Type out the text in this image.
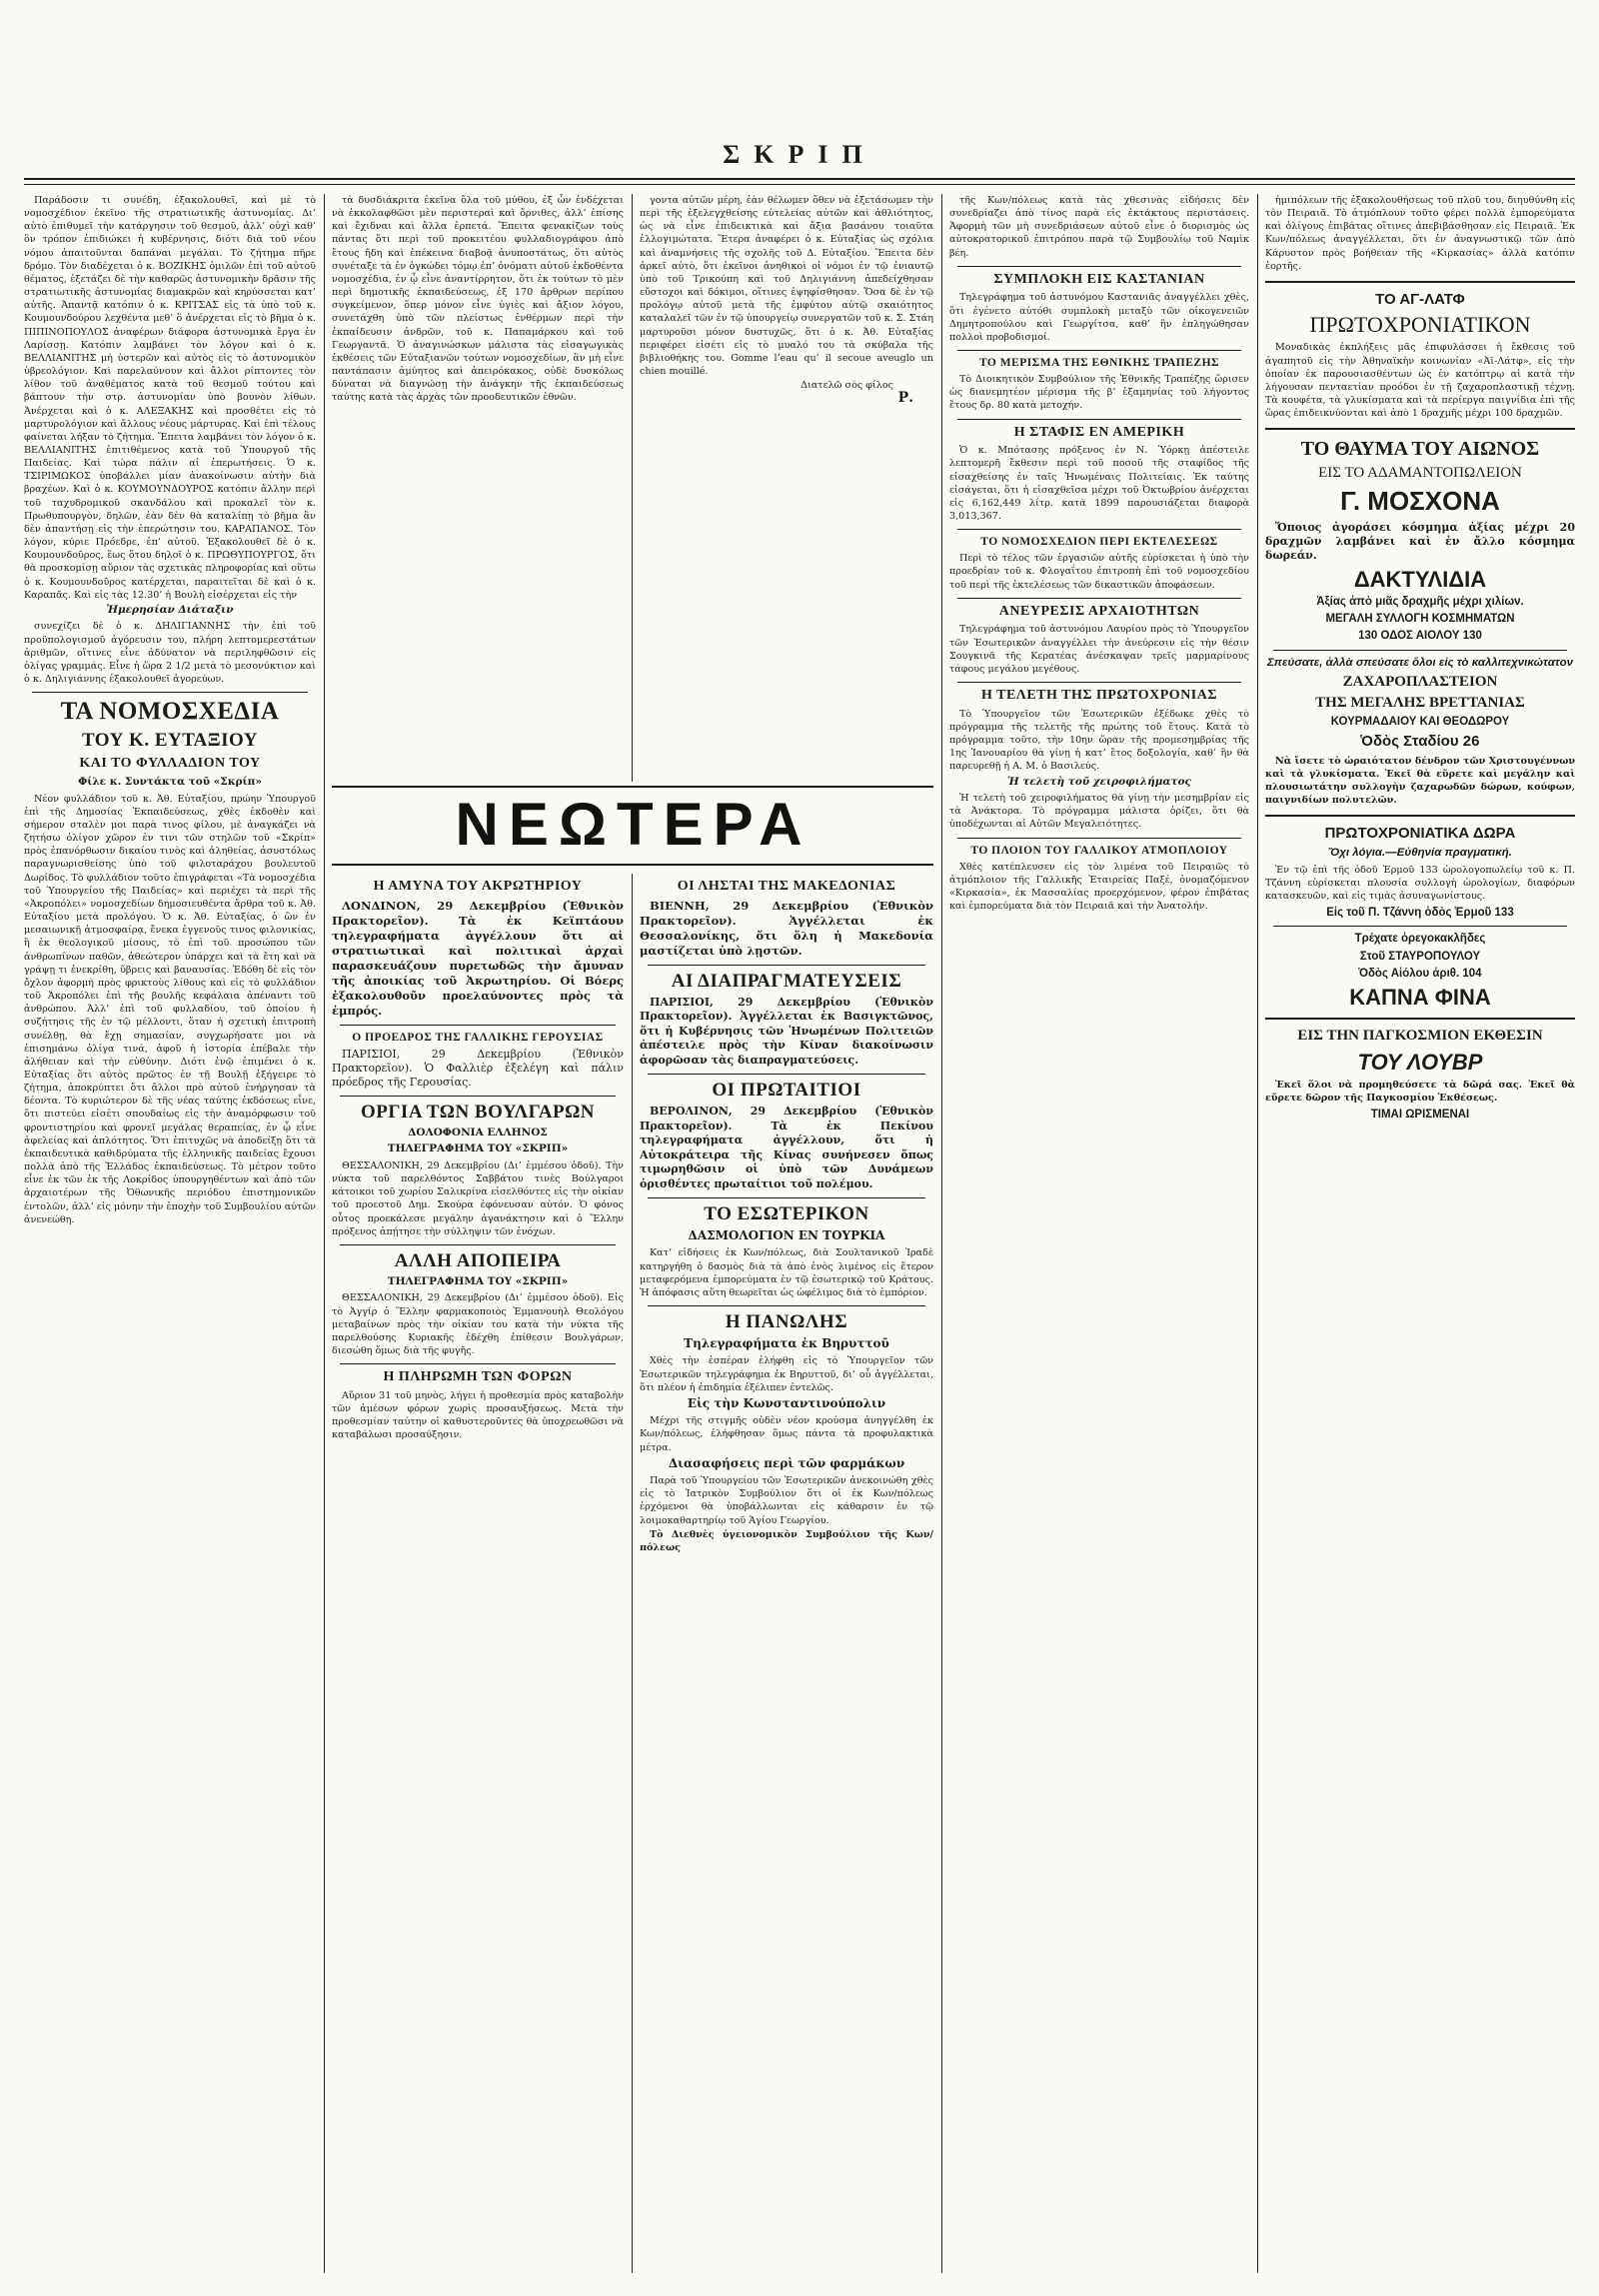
ΣΚΡΙΠ

Παράδοσιν τι συνέδη, ἐξακολουθεῖ, καὶ μὲ τὸ νομοσχέδιον ἐκεῖνο τῆς στρατιωτικῆς ἀστυνομίας. Δι’ αὐτὸ ἐπιθυμεῖ τὴν κατάργησιν τοῦ θεσμοῦ, ἀλλ’ οὐχὶ καθ’ ὃν τρόπον ἐπιδιώκει ἡ κυβέρνησις, διότι διὰ τοῦ νέου νόμου ἀπαιτοῦνται δαπάναι μεγάλαι. Τὸ ζήτημα πῆρε δρόμο. Τὸν διαδέχεται ὁ κ. ΒΟΖΙΚΗΣ ὁμιλῶν ἐπὶ τοῦ αὐτοῦ θέματος, ἐξετάζει δὲ τὴν καθαρῶς ἀστυνομικὴν δρᾶσιν τῆς στρατιωτικῆς ἀστυνομίας διαμακρῶν καὶ κηρύσσεται κατ’ αὐτῆς. Ἀπαντᾷ κατόπιν ὁ κ. ΚΡΙΤΣΑΣ εἰς τὰ ὑπὸ τοῦ κ. Κουμουνδούρου λεχθέντα μεθ’ ὃ ἀνέρχεται εἰς τὸ βῆμα ὁ κ. ΠΙΠΙΝΟΠΟΥΛΟΣ ἀναφέρων διάφορα ἀστυνομικὰ ἔργα ἐν Λαρίσσῃ. Κατόπιν λαμβάνει τὸν λόγον καὶ ὁ κ. ΒΕΛΛΙΑΝΙΤΗΣ μὴ ὑστερῶν καὶ αὐτὸς εἰς τὸ ἀστυνομικὸν ὑβρεολόγιον. Καὶ παρελαύνουν καὶ ἄλλοι ρίπτοντες τὸν λίθον τοῦ ἀναθέματος κατὰ τοῦ θεσμοῦ τούτου καὶ βάπτουν τὴν στρ. ἀστυνομίαν ὑπὸ βουνὸν λίθων. Ἀνέρχεται καὶ ὁ κ. ΑΛΕΞΑΚΗΣ καὶ προσθέτει εἰς τὸ μαρτυρολόγιον καὶ ἄλλους νέους μάρτυρας. Καὶ ἐπὶ τέλους φαίνεται λήξαν τὸ ζήτημα. Ἔπειτα λαμβάνει τὸν λόγον ὁ κ. ΒΕΛΛΙΑΝΙΤΗΣ ἐπιτιθέμενος κατὰ τοῦ Ὑπουργοῦ τῆς Παιδείας. Καὶ τώρα πάλιν αἱ ἐπερωτήσεις. Ὁ κ. ΤΣΙΡΙΜΩΚΟΣ ὑποβάλλει μίαν ἀνακοίνωσιν αὐτὴν διὰ βραχέων. Καὶ ὁ κ. ΚΟΥΜΟΥΝΔΟΥΡΟΣ κατόπιν ἄλλην περὶ τοῦ ταχυδρομικοῦ σκανδάλου καὶ προκαλεῖ τὸν κ. Πρωθυπουργὸν, δηλῶν, ἐὰν δὲν θὰ καταλίπῃ τὸ βῆμα ἂν δὲν ἀπαντήσῃ εἰς τὴν ἐπερώτησιν του. ΚΑΡΑΠΑΝΟΣ. Τὸν λόγον, κύριε Πρόεδρε, ἐπ’ αὐτοῦ. Ἐξακολουθεῖ δὲ ὁ κ. Κουμουνδοῦρος, ἕως ὅτου δηλοῖ ὁ κ. ΠΡΩΘΥΠΟΥΡΓΟΣ, ὅτι θὰ προσκομίσῃ αὔριον τὰς σχετικὰς πληροφορίας καὶ οὕτω ὁ κ. Κουμουνδοῦρος κατέρχεται, παραιτεῖται δὲ καὶ ὁ κ. Καραπᾶς. Καὶ εἰς τὰς 12.30’ ἡ Βουλὴ εἰσέρχεται εἰς τὴν

Ἡμερησίαν Διάταξιν

συνεχίζει δὲ ὁ κ. ΔΗΛΙΓΙΑΝΝΗΣ τὴν ἐπὶ τοῦ προϋπολογισμοῦ ἀγόρευσιν του, πλήρη λεπτομερεστάτων ἀριθμῶν, οἵτινες εἶνε ἀδύνατον νὰ περιληφθῶσιν εἰς ὀλίγας γραμμάς. Εἶνε ἡ ὥρα 2 1/2 μετὰ τὸ μεσονύκτιον καὶ ὁ κ. Δηλιγιάννης ἐξακολουθεῖ ἀγορεύων.

ΤΑ ΝΟΜΟΣΧΕΔΙΑ
ΤΟΥ Κ. ΕΥΤΑΞΙΟΥ
ΚΑΙ ΤΟ ΦΥΛΛΑΔΙΟΝ ΤΟΥ
Φίλε κ. Συντάκτα τοῦ «Σκρίπ»

Νέον φυλλάδιον τοῦ κ. Ἀθ. Εὐταξίου, πρώην Ὑπουργοῦ ἐπὶ τῆς Δημοσίας Ἐκπαιδεύσεως, χθὲς ἐκδοθὲν καὶ σήμερον σταλὲν μοι παρὰ τινος φίλου, μὲ ἀναγκάζει νὰ ζητήσω ὀλίγον χῶρον ἐν τινι τῶν στηλῶν τοῦ «Σκρίπ» πρὸς ἐπανόρθωσιν δικαίου τινὸς καὶ ἀληθείας, ἀσυστόλως παραγνωρισθείσης ὑπὸ τοῦ φιλοταράχου βουλευτοῦ Δωρίδος. Τὸ φυλλάδιον τοῦτο ἐπιγράφεται «Τὰ νομοσχέδια τοῦ Ὑπουργείου τῆς Παιδείας» καὶ περιέχει τὰ περὶ τῆς «Ἀκροπόλει» νομοσχεδίων δημοσιευθέντα ἄρθρα τοῦ κ. Ἀθ. Εὐταξίου μετὰ προλόγου. Ὁ κ. Ἀθ. Εὐταξίας, ὁ ὢν ἐν μεσαιωνικῇ ἀτμοσφαίρᾳ, ἕνεκα ἐγγενοῦς τινος φιλονικίας, ἢ ἐκ θεολογικοῦ μίσους, τὸ ἐπὶ τοῦ προσώπου τῶν ἀνθρωπίνων παθῶν, ἀθεώτερον ὑπάρχει καὶ τὰ ἔτη καὶ νὰ γράψῃ τι ἐνεκρίθη, ὕβρεις καὶ βαναυσίας. Ἐδόθη δὲ εἰς τὸν ὄχλον ἀφορμὴ πρὸς φρικτοὺς λίθους καὶ εἰς τὸ φυλλάδιον τοῦ Ἀκροπόλει ἐπὶ τῆς βουλῆς κεφάλαια ἀπέναντι τοῦ ἀνθρώπου. Ἀλλ’ ἐπὶ τοῦ φυλλαδίου, τοῦ ὁποίου ἡ συζήτησις τῆς ἐν τῷ μέλλοντι, ὅταν ἡ σχετικὴ ἐπιτροπὴ συνέλθῃ, θὰ ἔχῃ σημασίαν, συγχωρήσατε μοι νὰ ἐπισημάνω ὀλίγα τινά, ἀφοῦ ἡ ἱστορία ἐπέβαλε τὴν ἀλήθειαν καὶ τὴν εὐθύνην. Διότι ἐνῷ ἐπιμένει ὁ κ. Εὐταξίας ὅτι αὐτὸς πρῶτος ἐν τῇ Βουλῇ ἐξήγειρε τὸ ζήτημα, ἀποκρύπτει ὅτι ἄλλοι πρὸ αὐτοῦ ἐνήργησαν τὰ δέοντα. Τὸ κυριώτερον δὲ τῆς νέας ταύτης ἐκδόσεως εἶνε, ὅτι πιστεύει εἰσέτι σπουδαίως εἰς τὴν ἀναμόρφωσιν τοῦ φροντιστηρίου καὶ φρονεῖ μεγάλας θεραπείας, ἐν ᾧ εἶνε ἀφελείας καὶ ἀπλότητος. Ὅτι ἐπιτυχῶς νὰ ἀποδείξῃ ὅτι τὰ ἐκπαιδευτικὰ καθιδρύματα τῆς ἑλληνικῆς παιδείας ἔχουσι πολλὰ ἀπὸ τῆς Ἑλλάδος ἐκπαιδεύσεως. Τὸ μέτρον τοῦτο εἶνε ἐκ τῶν ἐκ τῆς Λοκρίδος ὑπουργηθέντων καὶ ἀπὸ τῶν ἀρχαιοτέρων τῆς Ὀθωνικῆς περιόδου ἐπιστημονικῶν ἐντολῶν, ἀλλ’ εἰς μόνην τὴν ἐποχὴν τοῦ Συμβουλίου αὐτῶν ἀνενεώθη.

τὰ δυσδιάκριτα ἐκεῖνα ὅλα τοῦ μύθου, ἐξ ὧν ἐνδέχεται νὰ ἐκκολαφθῶσι μὲν περιστεραὶ καὶ ὄρνιθες, ἀλλ’ ἐπίσης καὶ ἔχιδναι καὶ ἄλλα ἑρπετά. Ἔπειτα φενακίζων τοὺς πάντας ὅτι περὶ τοῦ προκειτέου φυλλαδιογράφου ἀπὸ ἔτους ἤδη καὶ ἐπέκεινα διαβοᾷ ἀνυποστάτως, ὅτι αὐτὸς συνέταξε τὰ ἐν ὀγκώδει τόμῳ ἐπ’ ὀνόματι αὐτοῦ ἐκδοθέντα νομοσχέδια, ἐν ᾧ εἶνε ἀναντίρρητον, ὅτι ἐκ τούτων τὸ μὲν περὶ δημοτικῆς ἐκπαιδεύσεως, ἐξ 170 ἄρθρων περίπου συγκείμενον, ὅπερ μόνον εἶνε ὑγιὲς καὶ ἄξιον λόγου, συνετάχθη ὑπὸ τῶν πλείστως ἐνθέρμων περὶ τὴν ἐκπαίδευσιν ἀνδρῶν, τοῦ κ. Παπαμάρκου καὶ τοῦ Γεωργαντᾶ. Ὁ ἀναγινώσκων μάλιστα τὰς εἰσαγωγικὰς ἐκθέσεις τῶν Εὐταξιανῶν τούτων νομοσχεδίων, ἂν μὴ εἶνε παντάπασιν ἀμύητος καὶ ἀπειρόκακος, οὐδὲ δυσκόλως δύναται νὰ διαγνώσῃ τὴν ἀνάγκην τῆς ἐκπαιδεύσεως ταύτης κατὰ τὰς ἀρχὰς τῶν προοδευτικῶν ἐθνῶν.

γοντα αὐτῶν μέρη, ἐὰν θέλωμεν ὅθεν νὰ ἐξετάσωμεν τὴν περὶ τῆς ἐξελεγχθείσης εὐτελείας αὐτῶν καὶ ἀθλιότητος, ὡς νὰ εἶνε ἐπιδεικτικὰ καὶ ἄξια βασάνου τοιαῦτα ἐλλογιμώτατα. Ἕτερα ἀναφέρει ὁ κ. Εὐταξίας ὡς σχόλια καὶ ἀναμνήσεις τῆς σχολῆς τοῦ Δ. Εὐταξίου. Ἔπειτα δὲν ἀρκεῖ αὐτὸ, ὅτι ἐκεῖνοι ἀνηθικοὶ οἱ νόμοι ἐν τῷ ἑνιαυτῷ ὑπὸ τοῦ Τρικούπη καὶ τοῦ Δηλιγιάννη ἀπεδείχθησαν εὔστοχοι καὶ δόκιμοι, οἵτινες ἐψηφίσθησαν. Ὅσα δὲ ἐν τῷ προλόγῳ αὐτοῦ μετὰ τῆς ἐμφύτου αὐτῷ σκαιότητος καταλαλεῖ τῶν ἐν τῷ ὑπουργείῳ συνεργατῶν τοῦ κ. Σ. Στάη μαρτυροῦσι μόνον δυστυχῶς, ὅτι ὁ κ. Ἀθ. Εὐταξίας περιφέρει εἰσέτι εἰς τὸ μυαλό του τὰ σκύβαλα τῆς βιβλιοθήκης του. Gomme l’eau qu’ il secoue aveuglo un chien mouillé.

Διατελῶ σὸς φίλος
Ρ.
ΝΕΩΤΕΡΑ
Η ΑΜΥΝΑ ΤΟΥ ΑΚΡΩΤΗΡΙΟΥ

ΛΟΝΔΙΝΟΝ, 29 Δεκεμβρίου (Ἐθνικὸν Πρακτορεῖον). Τὰ ἐκ Κεϊπτάουν τηλεγραφήματα ἀγγέλλουν ὅτι αἱ στρατιωτικαὶ καὶ πολιτικαὶ ἀρχαὶ παρασκευάζουν πυρετωδῶς τὴν ἄμυναν τῆς ἀποικίας τοῦ Ἀκρωτηρίου. Οἱ Βόερς ἐξακολουθοῦν προελαύνοντες πρὸς τὰ ἐμπρός.

Ο ΠΡΟΕΔΡΟΣ ΤΗΣ ΓΑΛΛΙΚΗΣ ΓΕΡΟΥΣΙΑΣ

ΠΑΡΙΣΙΟΙ, 29 Δεκεμβρίου (Ἐθνικὸν Πρακτορεῖον). Ὁ Φαλλιὲρ ἐξελέγη καὶ πάλιν πρόεδρος τῆς Γερουσίας.

ΟΡΓΙΑ ΤΩΝ ΒΟΥΛΓΑΡΩΝ
ΔΟΛΟΦΟΝΙΑ ΕΛΛΗΝΟΣ
ΤΗΛΕΓΡΑΦΗΜΑ ΤΟΥ «ΣΚΡΙΠ»

ΘΕΣΣΑΛΟΝΙΚΗ, 29 Δεκεμβρίου (Δι’ ἐμμέσου ὁδοῦ). Τὴν νύκτα τοῦ παρελθόντος Σαββάτου τινὲς Βούλγαροι κάτοικοι τοῦ χωρίου Σαλικρίνα εἰσελθόντες εἰς τὴν οἰκίαν τοῦ προεστοῦ Δημ. Σκούρα ἐφόνευσαν αὐτόν. Ὁ φόνος οὗτος προεκάλεσε μεγάλην ἀγανάκτησιν καὶ ὁ Ἕλλην πρόξενος ἀπῄτησε τὴν σύλληψιν τῶν ἐνόχων.

ΑΛΛΗ ΑΠΟΠΕΙΡΑ
ΤΗΛΕΓΡΑΦΗΜΑ ΤΟΥ «ΣΚΡΙΠ»

ΘΕΣΣΑΛΟΝΙΚΗ, 29 Δεκεμβρίου (Δι’ ἐμμέσου ὁδοῦ). Εἰς τὸ Ἀγγίρ ὁ Ἕλλην φαρμακοποιὸς Ἐμμανουὴλ Θεολόγου μεταβαίνων πρὸς τὴν οἰκίαν του κατὰ τὴν νύκτα τῆς παρελθούσης Κυριακῆς ἐδέχθη ἐπίθεσιν Βουλγάρων, διεσώθη ὅμως διὰ τῆς φυγῆς.

Η ΠΛΗΡΩΜΗ ΤΩΝ ΦΟΡΩΝ

Αὔριον 31 τοῦ μηνὸς, λήγει ἡ προθεσμία πρὸς καταβολὴν τῶν ἀμέσων φόρων χωρὶς προσαυξήσεως. Μετὰ τὴν προθεσμίαν ταύτην οἱ καθυστεροῦντες θὰ ὑποχρεωθῶσι νὰ καταβάλωσι προσαύξησιν.

ΟΙ ΛΗΣΤΑΙ ΤΗΣ ΜΑΚΕΔΟΝΙΑΣ

ΒΙΕΝΝΗ, 29 Δεκεμβρίου (Ἐθνικὸν Πρακτορεῖον). Ἀγγέλλεται ἐκ Θεσσαλονίκης, ὅτι ὅλη ἡ Μακεδονία μαστίζεται ὑπὸ λῃστῶν.

ΑΙ ΔΙΑΠΡΑΓΜΑΤΕΥΣΕΙΣ

ΠΑΡΙΣΙΟΙ, 29 Δεκεμβρίου (Ἐθνικὸν Πρακτορεῖον). Ἀγγέλλεται ἐκ Βασιγκτῶνος, ὅτι ἡ Κυβέρνησις τῶν Ἡνωμένων Πολιτειῶν ἀπέστειλε πρὸς τὴν Κίναν διακοίνωσιν ἀφορῶσαν τὰς διαπραγματεύσεις.

ΟΙ ΠΡΩΤΑΙΤΙΟΙ

ΒΕΡΟΛΙΝΟΝ, 29 Δεκεμβρίου (Ἐθνικὸν Πρακτορεῖον). Τὰ ἐκ Πεκίνου τηλεγραφήματα ἀγγέλλουν, ὅτι ἡ Αὐτοκράτειρα τῆς Κίνας συνήνεσεν ὅπως τιμωρηθῶσιν οἱ ὑπὸ τῶν Δυνάμεων ὁρισθέντες πρωταίτιοι τοῦ πολέμου.

ΤΟ ΕΣΩΤΕΡΙΚΟΝ
ΔΑΣΜΟΛΟΓΙΟΝ ΕΝ ΤΟΥΡΚΙΑ

Κατ’ εἰδήσεις ἐκ Κων/πόλεως, διὰ Σουλτανικοῦ Ἰραδὲ κατηργήθη ὁ δασμὸς διὰ τὰ ἀπὸ ἑνὸς λιμένος εἰς ἕτερον μεταφερόμενα ἐμπορεύματα ἐν τῷ ἐσωτερικῷ τοῦ Κράτους. Ἡ ἀπόφασις αὕτη θεωρεῖται ὡς ὠφέλιμος διὰ τὸ ἐμπόριον.

Η ΠΑΝΩΛΗΣ
Τηλεγραφήματα ἐκ Βηρυττοῦ

Χθὲς τὴν ἑσπέραν ἐλήφθη εἰς τὸ Ὑπουργεῖον τῶν Ἐσωτερικῶν τηλεγράφημα ἐκ Βηρυττοῦ, δι’ οὗ ἀγγέλλεται, ὅτι πλέον ἡ ἐπιδημία ἐξέλιπεν ἐντελῶς.

Εἰς τὴν Κωνσταντινούπολιν

Μέχρι τῆς στιγμῆς οὐδὲν νέον κρούσμα ἀνηγγέλθη ἐκ Κων/πόλεως, ἐλήφθησαν ὅμως πάντα τὰ προφυλακτικὰ μέτρα.

Διασαφήσεις περὶ τῶν φαρμάκων

Παρὰ τοῦ Ὑπουργείου τῶν Ἐσωτερικῶν ἀνεκοινώθη χθὲς εἰς τὸ Ἰατρικὸν Συμβούλιον ὅτι οἱ ἐκ Κων/πόλεως ἐρχόμενοι θὰ ὑποβάλλωνται εἰς κάθαρσιν ἐν τῷ λοιμοκαθαρτηρίῳ τοῦ Ἁγίου Γεωργίου.

Τὸ Διεθνὲς ὑγειονομικὸν Συμβούλιον τῆς Κων/πόλεως

τῆς Κων/πόλεως κατὰ τὰς χθεσινὰς εἰδήσεις δὲν συνεδρίαζει ἀπὸ τίνος παρὰ εἰς ἐκτάκτους περιστάσεις. Ἀφορμὴ τῶν μὴ συνεδριάσεων αὐτοῦ εἶνε ὁ διορισμὸς ὡς αὐτοκρατορικοῦ ἐπιτρόπου παρὰ τῷ Συμβουλίῳ τοῦ Ναμὶκ βέη.

ΣΥΜΠΛΟΚΗ ΕΙΣ ΚΑΣΤΑΝΙΑΝ

Τηλεγράφημα τοῦ ἀστυνόμου Καστανιᾶς ἀναγγέλλει χθὲς, ὅτι ἐγένετο αὐτόθι συμπλοκὴ μεταξὺ τῶν οἰκογενειῶν Δημητροπούλου καὶ Γεωργίτσα, καθ’ ἣν ἐπληγώθησαν πολλοὶ προβοδισμοί.

ΤΟ ΜΕΡΙΣΜΑ ΤΗΣ ΕΘΝΙΚΗΣ ΤΡΑΠΕΖΗΣ

Τὸ Διοικητικὸν Συμβούλιον τῆς Ἐθνικῆς Τραπέζης ὥρισεν ὡς διανεμητέον μέρισμα τῆς β’ ἑξαμηνίας τοῦ λήγοντος ἔτους δρ. 80 κατὰ μετοχήν.

Η ΣΤΑΦΙΣ ΕΝ ΑΜΕΡΙΚΗ

Ὁ κ. Μπότασης πρόξενος ἐν Ν. Ὑόρκῃ ἀπέστειλε λεπτομερῆ ἔκθεσιν περὶ τοῦ ποσοῦ τῆς σταφίδος τῆς εἰσαχθείσης ἐν ταῖς Ἡνωμέναις Πολιτείαις. Ἐκ ταύτης εἰσάγεται, ὅτι ἡ εἰσαχθεῖσα μέχρι τοῦ Ὀκτωβρίου ἀνέρχεται εἰς 6,162,449 λίτρ. κατὰ 1899 παρουσιάζεται διαφορὰ 3,013,367.

ΤΟ ΝΟΜΟΣΧΕΔΙΟΝ ΠΕΡΙ ΕΚΤΕΛΕΣΕΩΣ

Περὶ τὸ τέλος τῶν ἐργασιῶν αὐτῆς εὑρίσκεται ἡ ὑπὸ τὴν προεδρίαν τοῦ κ. Φλογαΐτου ἐπιτροπὴ ἐπὶ τοῦ νομοσχεδίου τοῦ περὶ τῆς ἐκτελέσεως τῶν δικαστικῶν ἀποφάσεων.

ΑΝΕΥΡΕΣΙΣ ΑΡΧΑΙΟΤΗΤΩΝ

Τηλεγράφημα τοῦ ἀστυνόμου Λαυρίου πρὸς τὸ Ὑπουργεῖον τῶν Ἐσωτερικῶν ἀναγγέλλει τὴν ἀνεύρεσιν εἰς τὴν θέσιν Σουγκινᾶ τῆς Κερατέας ἀνέσκαψαν τρεῖς μαρμαρίνους τάφους μεγάλου μεγέθους.

Η ΤΕΛΕΤΗ ΤΗΣ ΠΡΩΤΟΧΡΟΝΙΑΣ

Τὸ Ὑπουργεῖον τῶν Ἐσωτερικῶν ἐξέδωκε χθὲς τὸ πρόγραμμα τῆς τελετῆς τῆς πρώτης τοῦ ἔτους. Κατὰ τὸ πρόγραμμα τοῦτο, τὴν 10ην ὥραν τῆς προμεσημβρίας τῆς 1ης Ἰανουαρίου θὰ γίνῃ ἡ κατ’ ἔτος δοξολογία, καθ’ ἣν θὰ παρευρεθῇ ἡ Α. Μ. ὁ Βασιλεύς.

Ἡ τελετὴ τοῦ χειροφιλήματος

Ἡ τελετὴ τοῦ χειροφιλήματος θὰ γίνῃ τὴν μεσημβρίαν εἰς τὰ Ἀνάκτορα. Τὸ πρόγραμμα μάλιστα ὁρίζει, ὅτι θὰ ὑποδέχωνται αἱ Αὐτῶν Μεγαλειότητες.

ΤΟ ΠΛΟΙΟΝ ΤΟΥ ΓΑΛΛΙΚΟΥ ΑΤΜΟΠΛΟΙΟΥ

Χθὲς κατέπλευσεν εἰς τὸν λιμένα τοῦ Πειραιῶς τὸ ἀτμόπλοιον τῆς Γαλλικῆς Ἑταιρείας Παξέ, ὀνομαζόμενον «Κιρκασία», ἐκ Μασσαλίας προερχόμενον, φέρον ἐπιβάτας καὶ ἐμπορεύματα διὰ τὸν Πειραιᾶ καὶ τὴν Ἀνατολήν.

ἡμιπόλεων τῆς ἐξακολουθήσεως τοῦ πλοῦ του, διηυθύνθη εἰς τὸν Πειραιᾶ. Τὸ ἀτμόπλουν τοῦτο φέρει πολλὰ ἐμπορεύματα καὶ ὀλίγους ἐπιβάτας οἵτινες ἀπεβιβάσθησαν εἰς Πειραιᾶ. Ἐκ Κων/πόλεως ἀναγγέλλεται, ὅτι ἐν ἀναγνωστικῷ τῶν ἀπὸ Κάρυστον πρὸς βοήθειαν τῆς «Κιρκασίας» ἀλλὰ κατόπιν ἑορτῆς.

ΤΟ ΑΓ-ΛΑΤΦ
ΠΡΩΤΟΧΡΟΝΙΑΤΙΚΟΝ

Μοναδικὰς ἐκπλήξεις μᾶς ἐπιφυλάσσει ἡ ἔκθεσις τοῦ ἀγαπητοῦ εἰς τὴν Ἀθηναϊκὴν κοινωνίαν «Ἀϊ-Λάτφ», εἰς τὴν ὁποίαν ἐκ παρουσιασθέντων ὡς ἐν κατόπτρῳ αἱ κατὰ τὴν λήγουσαν πενταετίαν προόδοι ἐν τῇ ζαχαροπλαστικῇ τέχνῃ. Τὰ κουφέτα, τὰ γλυκίσματα καὶ τὰ περίεργα παιγνίδια ἐπὶ τῆς ὥρας ἐπιδεικνύονται καὶ ἀπὸ 1 δραχμῆς μέχρι 100 δραχμῶν.

ΤΟ ΘΑΥΜΑ ΤΟΥ ΑΙΩΝΟΣ
ΕΙΣ ΤΟ ΑΔΑΜΑΝΤΟΠΩΛΕΙΟΝ
Γ. ΜΟΣΧΟΝΑ

Ὅποιος ἀγοράσει κόσμημα ἀξίας μέχρι 20 δραχμῶν λαμβάνει καὶ ἐν ἄλλο κόσμημα δωρεάν.

ΔΑΚΤΥΛΙΔΙΑ
Ἀξίας ἀπὸ μιᾶς δραχμῆς μέχρι χιλίων.
ΜΕΓΑΛΗ ΣΥΛΛΟΓΗ ΚΟΣΜΗΜΑΤΩΝ
130 ΟΔΟΣ ΑΙΟΛΟΥ 130
Σπεύσατε, ἀλλὰ σπεύσατε ὅλοι εἰς τὸ καλλιτεχνικώτατον
ΖΑΧΑΡΟΠΛΑΣΤΕΙΟΝ
ΤΗΣ ΜΕΓΑΛΗΣ ΒΡΕΤΤΑΝΙΑΣ
ΚΟΥΡΜΑΔΑΙΟΥ ΚΑΙ ΘΕΟΔΩΡΟΥ
Ὁδὸς Σταδίου 26

Νὰ ἴσετε τὸ ὡραιότατον δένδρον τῶν Χριστουγέννων καὶ τὰ γλυκίσματα. Ἐκεῖ θὰ εὕρετε καὶ μεγάλην καὶ πλουσιωτάτην συλλογὴν ζαχαρωδῶν δώρων, κούφων, παιγνιδίων πολυτελῶν.

ΠΡΩΤΟΧΡΟΝΙΑΤΙΚΑ ΔΩΡΑ
Ὄχι λόγια.—Εὐθηνία πραγματική.

Ἐν τῷ ἐπὶ τῆς ὁδοῦ Ἑρμοῦ 133 ὡρολογοπωλείῳ τοῦ κ. Π. Τζάννη εὑρίσκεται πλουσία συλλογὴ ὡρολογίων, διαφόρων κατασκευῶν, καὶ εἰς τιμὰς ἀσυναγωνίστους.

Εἰς τοῦ Π. Τζάννη ὁδὸς Ἑρμοῦ 133
Τρέχατε ὀρεγοκακλῆδες
Στοῦ ΣΤΑΥΡΟΠΟΥΛΟΥ
Ὁδὸς Αἰόλου ἀριθ. 104
ΚΑΠΝΑ ΦΙΝΑ
ΕΙΣ ΤΗΝ ΠΑΓΚΟΣΜΙΟΝ ΕΚΘΕΣΙΝ
ΤΟΥ ΛΟΥΒΡ

Ἐκεῖ ὅλοι νὰ προμηθεύσετε τὰ δῶρά σας. Ἐκεῖ θὰ εὕρετε δῶρον τῆς Παγκοσμίου Ἐκθέσεως.

ΤΙΜΑΙ ΩΡΙΣΜΕΝΑΙ
